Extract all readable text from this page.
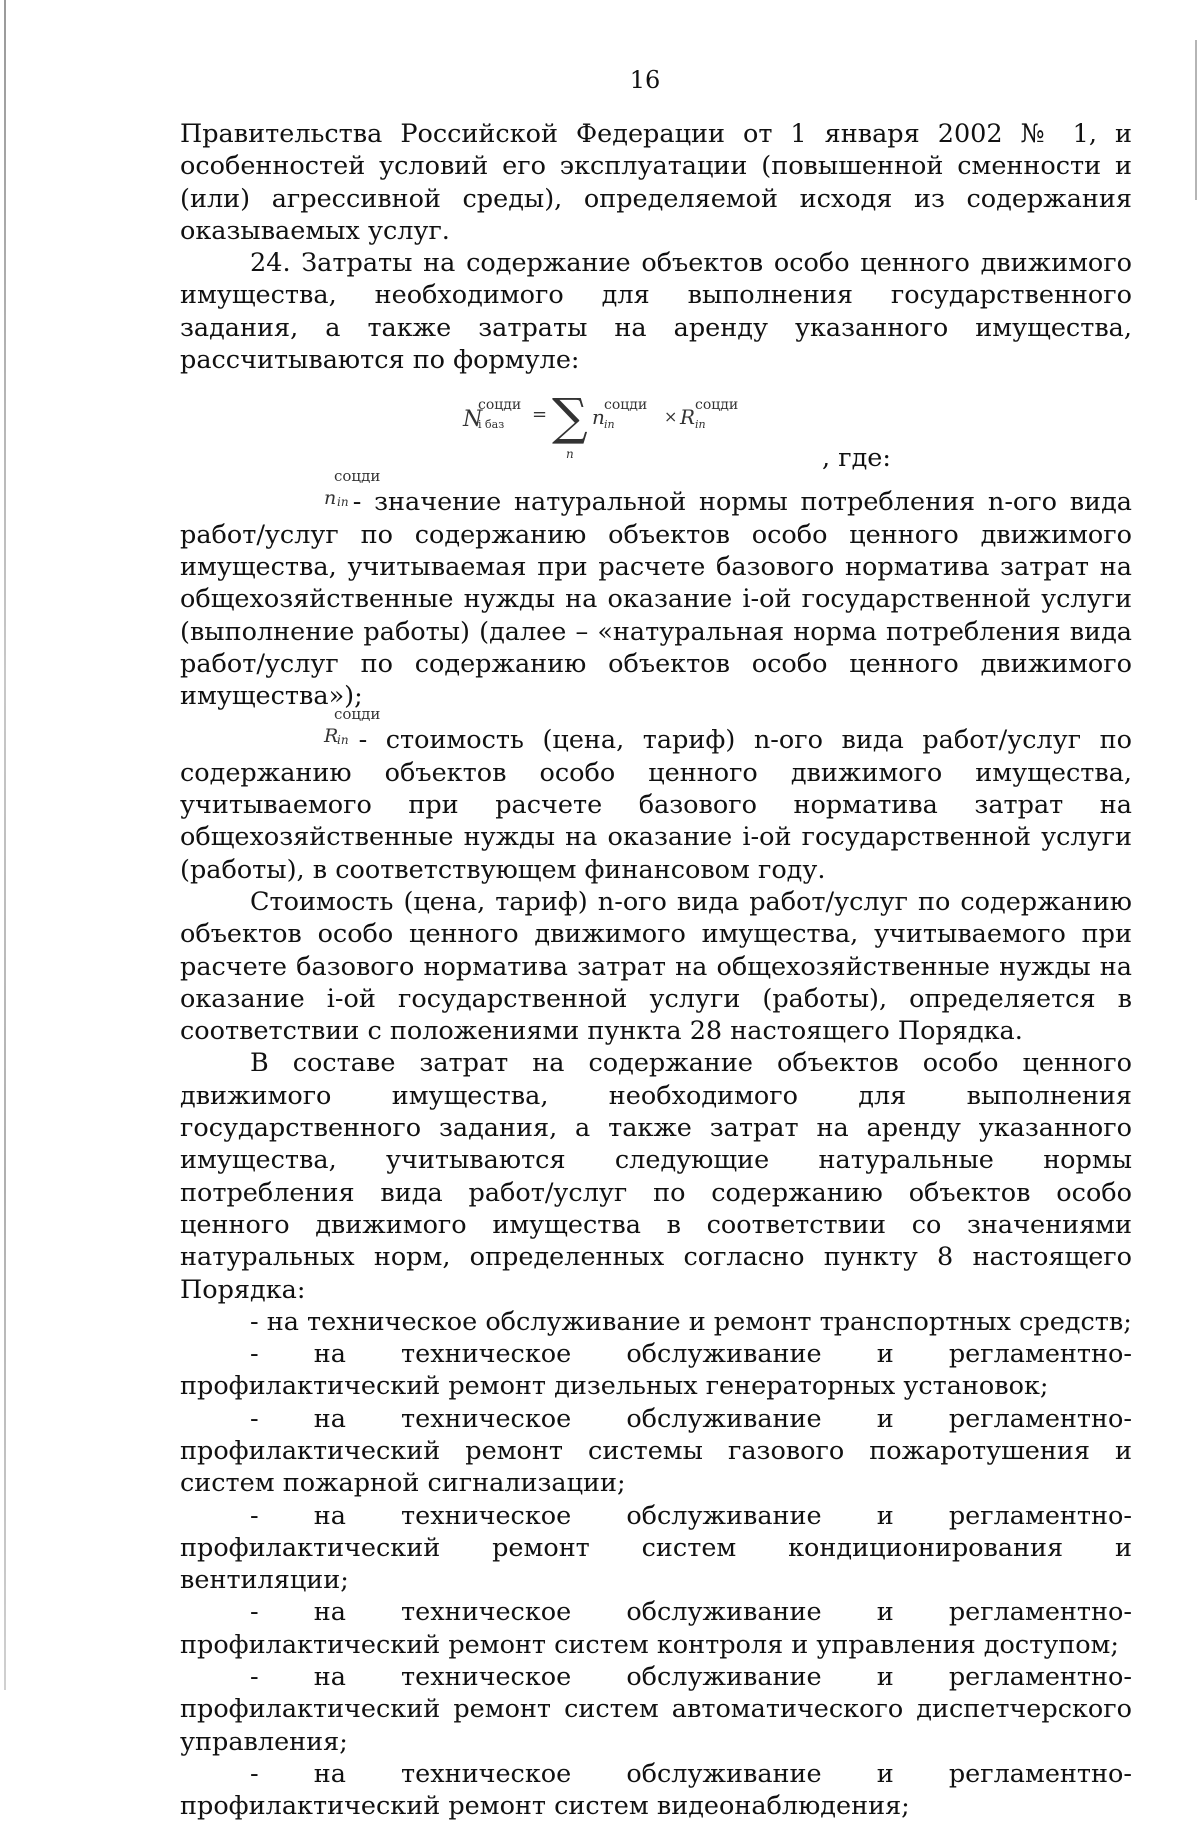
16

Правительства Российской Федерации от 1 января 2002 № 1, и особенностей условий его эксплуатации (повышенной сменности и (или) агрессивной среды), определяемой исходя из содержания оказываемых услуг.

24. Затраты на содержание объектов особо ценного движимого имущества, необходимого для выполнения государственного задания, а также затраты на аренду указанного имущества, рассчитываются по формуле:

N
соцди
i баз = ∑
n
n соцди
in	× R соцди
in
, где:

соцди
n in - значение натуральной нормы потребления n-ого вида работ/услуг по содержанию объектов особо ценного движимого имущества, учитываемая при расчете базового норматива затрат на общехозяйственные нужды на оказание i-ой государственной услуги (выполнение работы) (далее – «натуральная норма потребления вида работ/услуг по содержанию объектов особо ценного движимого имущества»);

соцди
R
in - стоимость (цена, тариф) n-ого вида работ/услуг по содержанию объектов особо ценного движимого имущества, учитываемого при расчете базового норматива затрат на общехозяйственные нужды на оказание i-ой государственной услуги (работы), в соответствующем финансовом году.

Стоимость (цена, тариф) n-ого вида работ/услуг по содержанию объектов особо ценного движимого имущества, учитываемого при расчете базового норматива затрат на общехозяйственные нужды на оказание i-ой государственной услуги (работы), определяется в соответствии с положениями пункта 28 настоящего Порядка.

В составе затрат на содержание объектов особо ценного движимого имущества, необходимого для выполнения государственного задания, а также затрат на аренду указанного имущества, учитываются следующие натуральные нормы потребления вида работ/услуг по содержанию объектов особо ценного движимого имущества в соответствии со значениями натуральных норм, определенных согласно пункту 8 настоящего Порядка:

- на техническое обслуживание и ремонт транспортных средств;

- на техническое обслуживание и регламентно-профилактический ремонт дизельных генераторных установок;

- на техническое обслуживание и регламентно-профилактический ремонт системы газового пожаротушения и систем пожарной сигнализации;

- на техническое обслуживание и регламентно-профилактический ремонт систем кондиционирования и вентиляции;

- на техническое обслуживание и регламентно-профилактический ремонт систем контроля и управления доступом;

- на техническое обслуживание и регламентно-профилактический ремонт систем автоматического диспетчерского управления;

- на техническое обслуживание и регламентно-профилактический ремонт систем видеонаблюдения;
